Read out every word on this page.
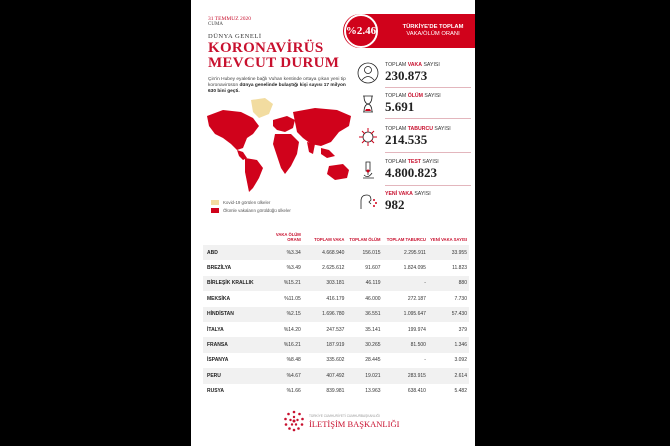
31 TEMMUZ 2020
CUMA
%2.46	TÜRKİYE'DE TOPLAM
VAKA/ÖLÜM ORANI
DÜNYA GENELİ
KORONAVİRÜS
MEVCUT DURUM
Çin'in Hubey eyaletine bağlı Vuhan kentinde ortaya çıkan yeni tip koronavirüsün dünya genelinde bulaştığı kişi sayısı 17 milyon 630 bini geçti.
Kovid-19 görülen ülkeler
Ölümle vakaların görüldüğü ülkeler
TOPLAM VAKA SAYISI
230.873
TOPLAM ÖLÜM SAYISI
5.691
TOPLAM TABURCU SAYISI
214.535
TOPLAM TEST SAYISI
4.800.823
YENİ VAKA SAYISI
982
	VAKA ÖLÜM ORANI	TOPLAM VAKA	TOPLAM ÖLÜM	TOPLAM TABURCU	YENİ VAKA SAYISI
ABD	%3.34	4.668.940	156.015	2.295.911	33.955
BREZİLYA	%3.49	2.625.612	91.607	1.824.095	11.823
BİRLEŞİK KRALLIK	%15.21	303.181	46.119	-	880
MEKSİKA	%11.05	416.179	46.000	272.187	7.730
HİNDİSTAN	%2.15	1.696.780	36.551	1.095.647	57.430
İTALYA	%14.20	247.537	35.141	199.974	379
FRANSA	%16.21	187.919	30.265	81.500	1.346
İSPANYA	%8.48	335.602	28.445	-	3.092
PERU	%4.67	407.492	19.021	283.915	2.614
RUSYA	%1.66	839.981	13.963	638.410	5.482
TÜRKİYE CUMHURİYETİ CUMHURBAŞKANLIĞI
İLETİŞİM BAŞKANLIĞI
